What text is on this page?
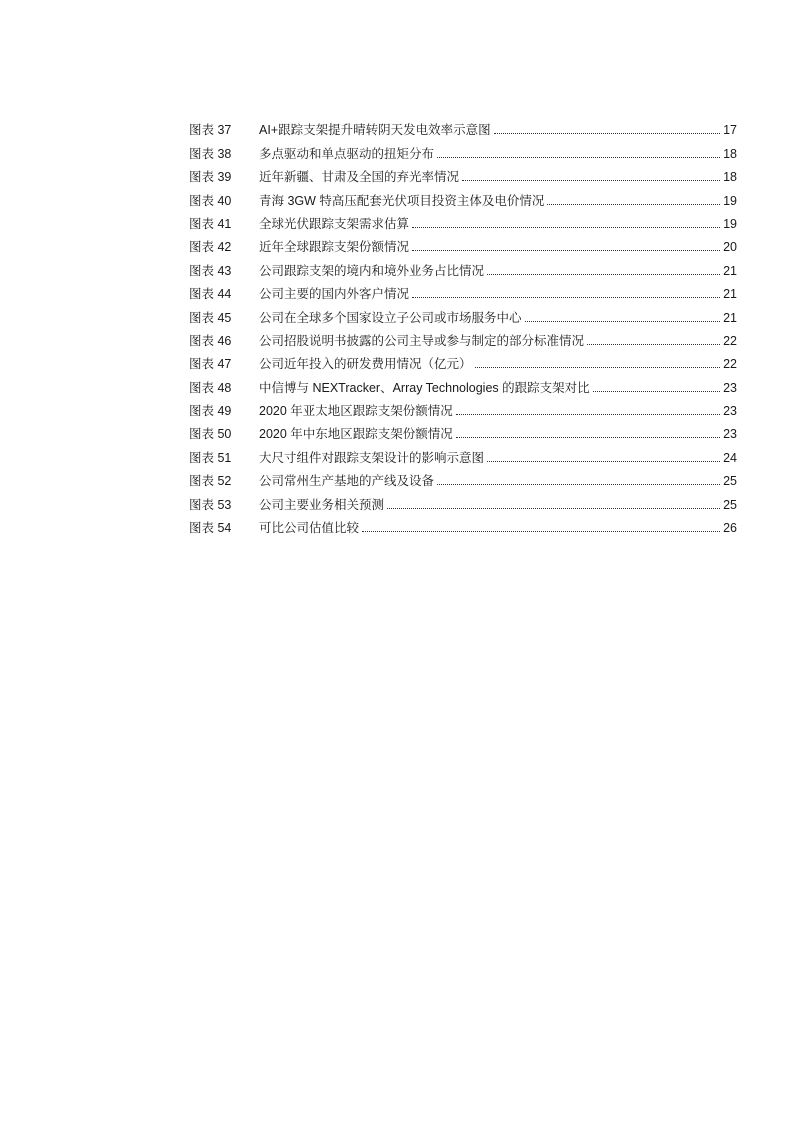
图表 37	AI+跟踪支架提升晴转阴天发电效率示意图	17
图表 38	多点驱动和单点驱动的扭矩分布	18
图表 39	近年新疆、甘肃及全国的弃光率情况	18
图表 40	青海 3GW 特高压配套光伏项目投资主体及电价情况	19
图表 41	全球光伏跟踪支架需求估算	19
图表 42	近年全球跟踪支架份额情况	20
图表 43	公司跟踪支架的境内和境外业务占比情况	21
图表 44	公司主要的国内外客户情况	21
图表 45	公司在全球多个国家设立子公司或市场服务中心	21
图表 46	公司招股说明书披露的公司主导或参与制定的部分标准情况	22
图表 47	公司近年投入的研发费用情况（亿元）	22
图表 48	中信博与 NEXTracker、Array Technologies 的跟踪支架对比	23
图表 49	2020 年亚太地区跟踪支架份额情况	23
图表 50	2020 年中东地区跟踪支架份额情况	23
图表 51	大尺寸组件对跟踪支架设计的影响示意图	24
图表 52	公司常州生产基地的产线及设备	25
图表 53	公司主要业务相关预测	25
图表 54	可比公司估值比较	26
